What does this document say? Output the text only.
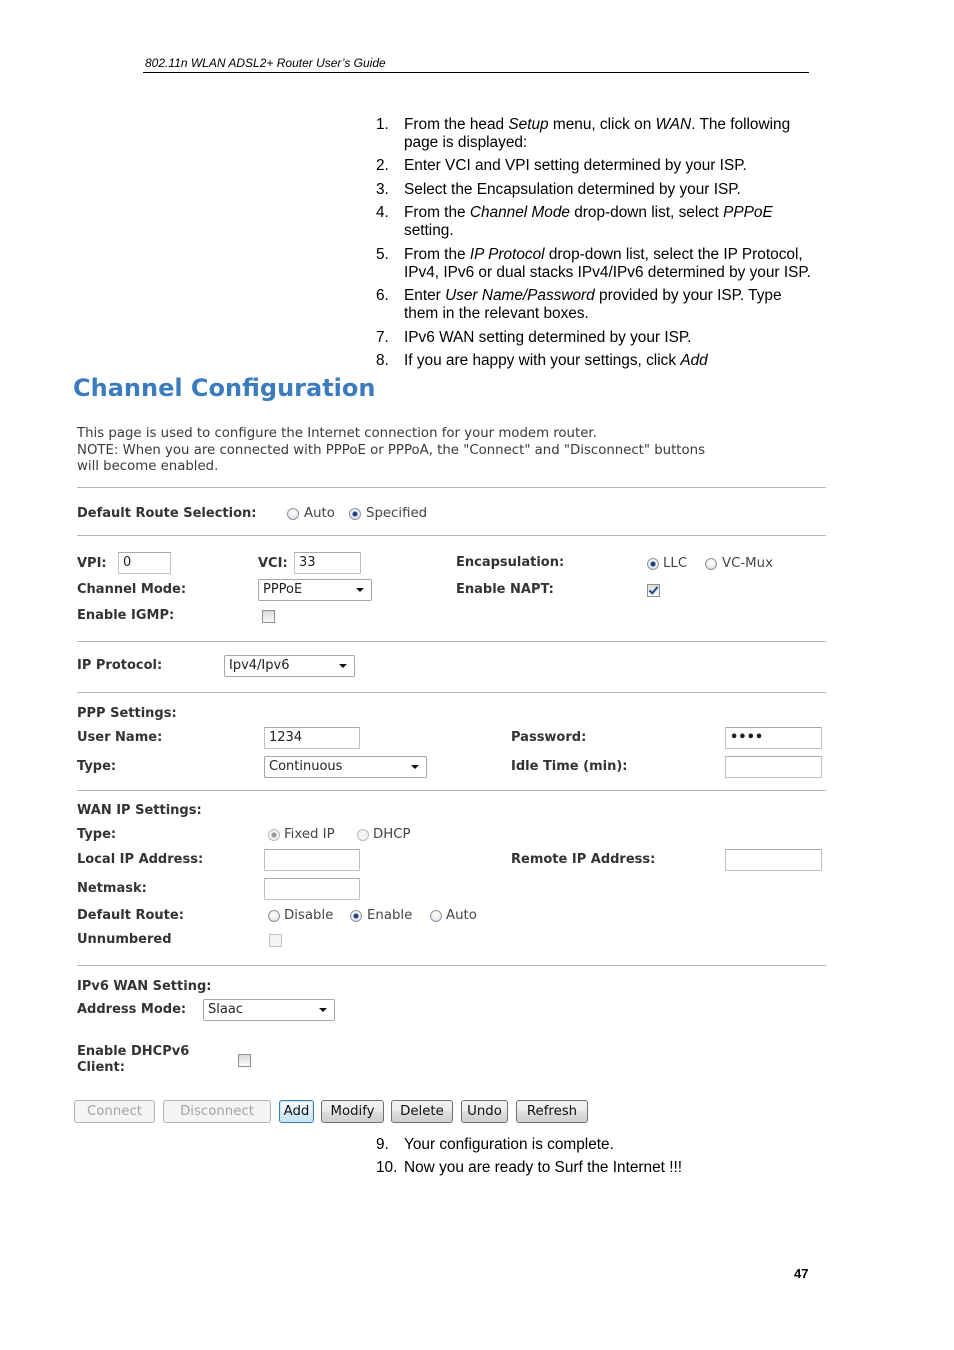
802.11n WLAN ADSL2+ Router User’s Guide
1. From the head Setup menu, click on WAN. The following
page is displayed:
2. Enter VCI and VPI setting determined by your ISP.
3. Select the Encapsulation determined by your ISP.
4. From the Channel Mode drop-down list, select PPPoE
setting.
5. From the IP Protocol drop-down list, select the IP Protocol,
IPv4, IPv6 or dual stacks IPv4/IPv6 determined by your ISP.
6. Enter User Name/Password provided by your ISP. Type
them in the relevant boxes.
7. IPv6 WAN setting determined by your ISP.
8. If you are happy with your settings, click Add
Channel Configuration
This page is used to configure the Internet connection for your modem router.
NOTE: When you are connected with PPPoE or PPPoA, the "Connect" and "Disconnect" buttons
will become enabled.
Default Route Selection:	Auto Specified
VPI:	0	VCI: 33	Encapsulation:	LLC	VC-Mux
Channel Mode:	PPPoE	Enable NAPT:
Enable IGMP:
IP Protocol:	Ipv4/Ipv6
PPP Settings:
User Name:	1234	Password:	••••
Type:	Continuous	Idle Time (min):
WAN IP Settings:
Type:	Fixed IP	DHCP
Local IP Address:	Remote IP Address:
Netmask:
Default Route:	Disable	Enable	Auto
Unnumbered
IPv6 WAN Setting:
Address Mode:	Slaac
Enable DHCPv6
Client:
Connect	Disconnect	Add	Modify	Delete	Undo	Refresh
9. Your configuration is complete.
10. Now you are ready to Surf the Internet !!!
47
